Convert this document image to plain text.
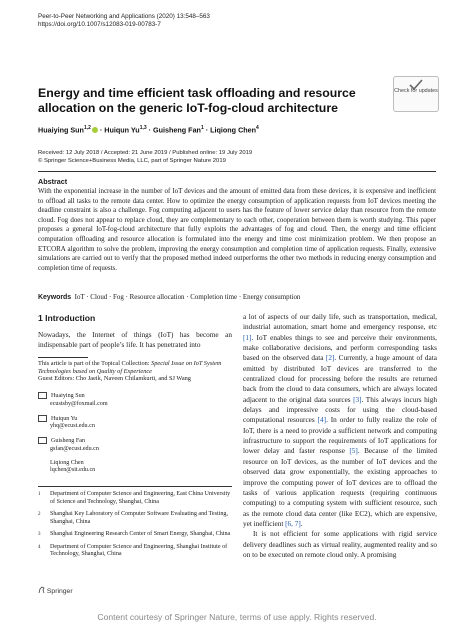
Peer-to-Peer Networking and Applications (2020) 13:548–563
https://doi.org/10.1007/s12083-019-00783-7
Check for updates
Energy and time efficient task offloading and resource allocation on the generic IoT-fog-cloud architecture
Huaiying Sun$^{1,2}$ · Huiqun Yu$^{1,3}$ · Guisheng Fan$^1$ · Liqiong Chen$^4$
Received: 12 July 2018 / Accepted: 21 June 2019 / Published online: 19 July 2019
© Springer Science+Business Media, LLC, part of Springer Nature 2019
Abstract
With the exponential increase in the number of IoT devices and the amount of emitted data from these devices, it is expensive and inefficient to offload all tasks to the remote data center. How to optimize the energy consumption of application requests from IoT devices meeting the deadline constraint is also a challenge. Fog computing adjacent to users has the feature of lower service delay than resource from the remote cloud. Fog does not appear to replace cloud, they are complementary to each other, cooperation between them is worth studying. This paper proposes a general IoT-fog-cloud architecture that fully exploits the advantages of fog and cloud. Then, the energy and time efficient computation offloading and resource allocation is formulated into the energy and time cost minimization problem. We then propose an ETCORA algorithm to solve the problem, improving the energy consumption and completion time of application requests. Finally, extensive simulations are carried out to verify that the proposed method indeed outperforms the other two methods in reducing energy consumption and completion time of requests.
Keywords IoT · Cloud · Fog · Resource allocation · Completion time · Energy consumption
1 Introduction
Nowadays, the Internet of things (IoT) has become an indispensable part of people’s life. It has penetrated into
This article is part of the Topical Collection: Special Issue on IoT System Technologies based on Quality of Experience
Guest Editors: Cho Jaeik, Naveen Chilamkurti, and SJ Wang
Huaiying Sun
ecustsby@foxmail.com
Huiqun Yu
yhq@ecust.edu.cn
Guisheng Fan
gsfan@ecust.edu.cn
Liqiong Chen
lqchen@sit.edu.cn
1	Department of Computer Science and Engineering, East China University of Science and Technology, Shanghai, China
2	Shanghai Key Laboratory of Computer Software Evaluating and Testing, Shanghai, China
3	Shanghai Engineering Research Center of Smart Energy, Shanghai, China
4	Department of Computer Science and Engineering, Shanghai Institute of Technology, Shanghai, China

a lot of aspects of our daily life, such as transportation, medical, industrial automation, smart home and emergency response, etc [1]. IoT enables things to see and perceive their environments, make collaborative decisions, and perform corresponding tasks based on the observed data [2]. Currently, a huge amount of data emitted by distributed IoT devices are transferred to the centralized cloud for processing before the results are returned back from the cloud to data consumers, which are always located adjacent to the original data sources [3]. This always incurs high delays and impressive costs for using the cloud-based computational resources [4]. In order to fully realize the role of IoT, there is a need to provide a sufficient network and computing infrastructure to support the requirements of IoT applications for lower delay and faster response [5]. Because of the limited resource on IoT devices, as the number of IoT devices and the observed data grow exponentially, the existing approaches to improve the computing power of IoT devices are to offload the tasks of various application requests (requiring continuous computing) to a computing system with sufficient resource, such as the remote cloud data center (like EC2), which are expensive, yet inefficient [6, 7].

It is not efficient for some applications with rigid service delivery deadlines such as virtual reality, augmented reality and so on to be executed on remote cloud only. A promising

Springer
Content courtesy of Springer Nature, terms of use apply. Rights reserved.
